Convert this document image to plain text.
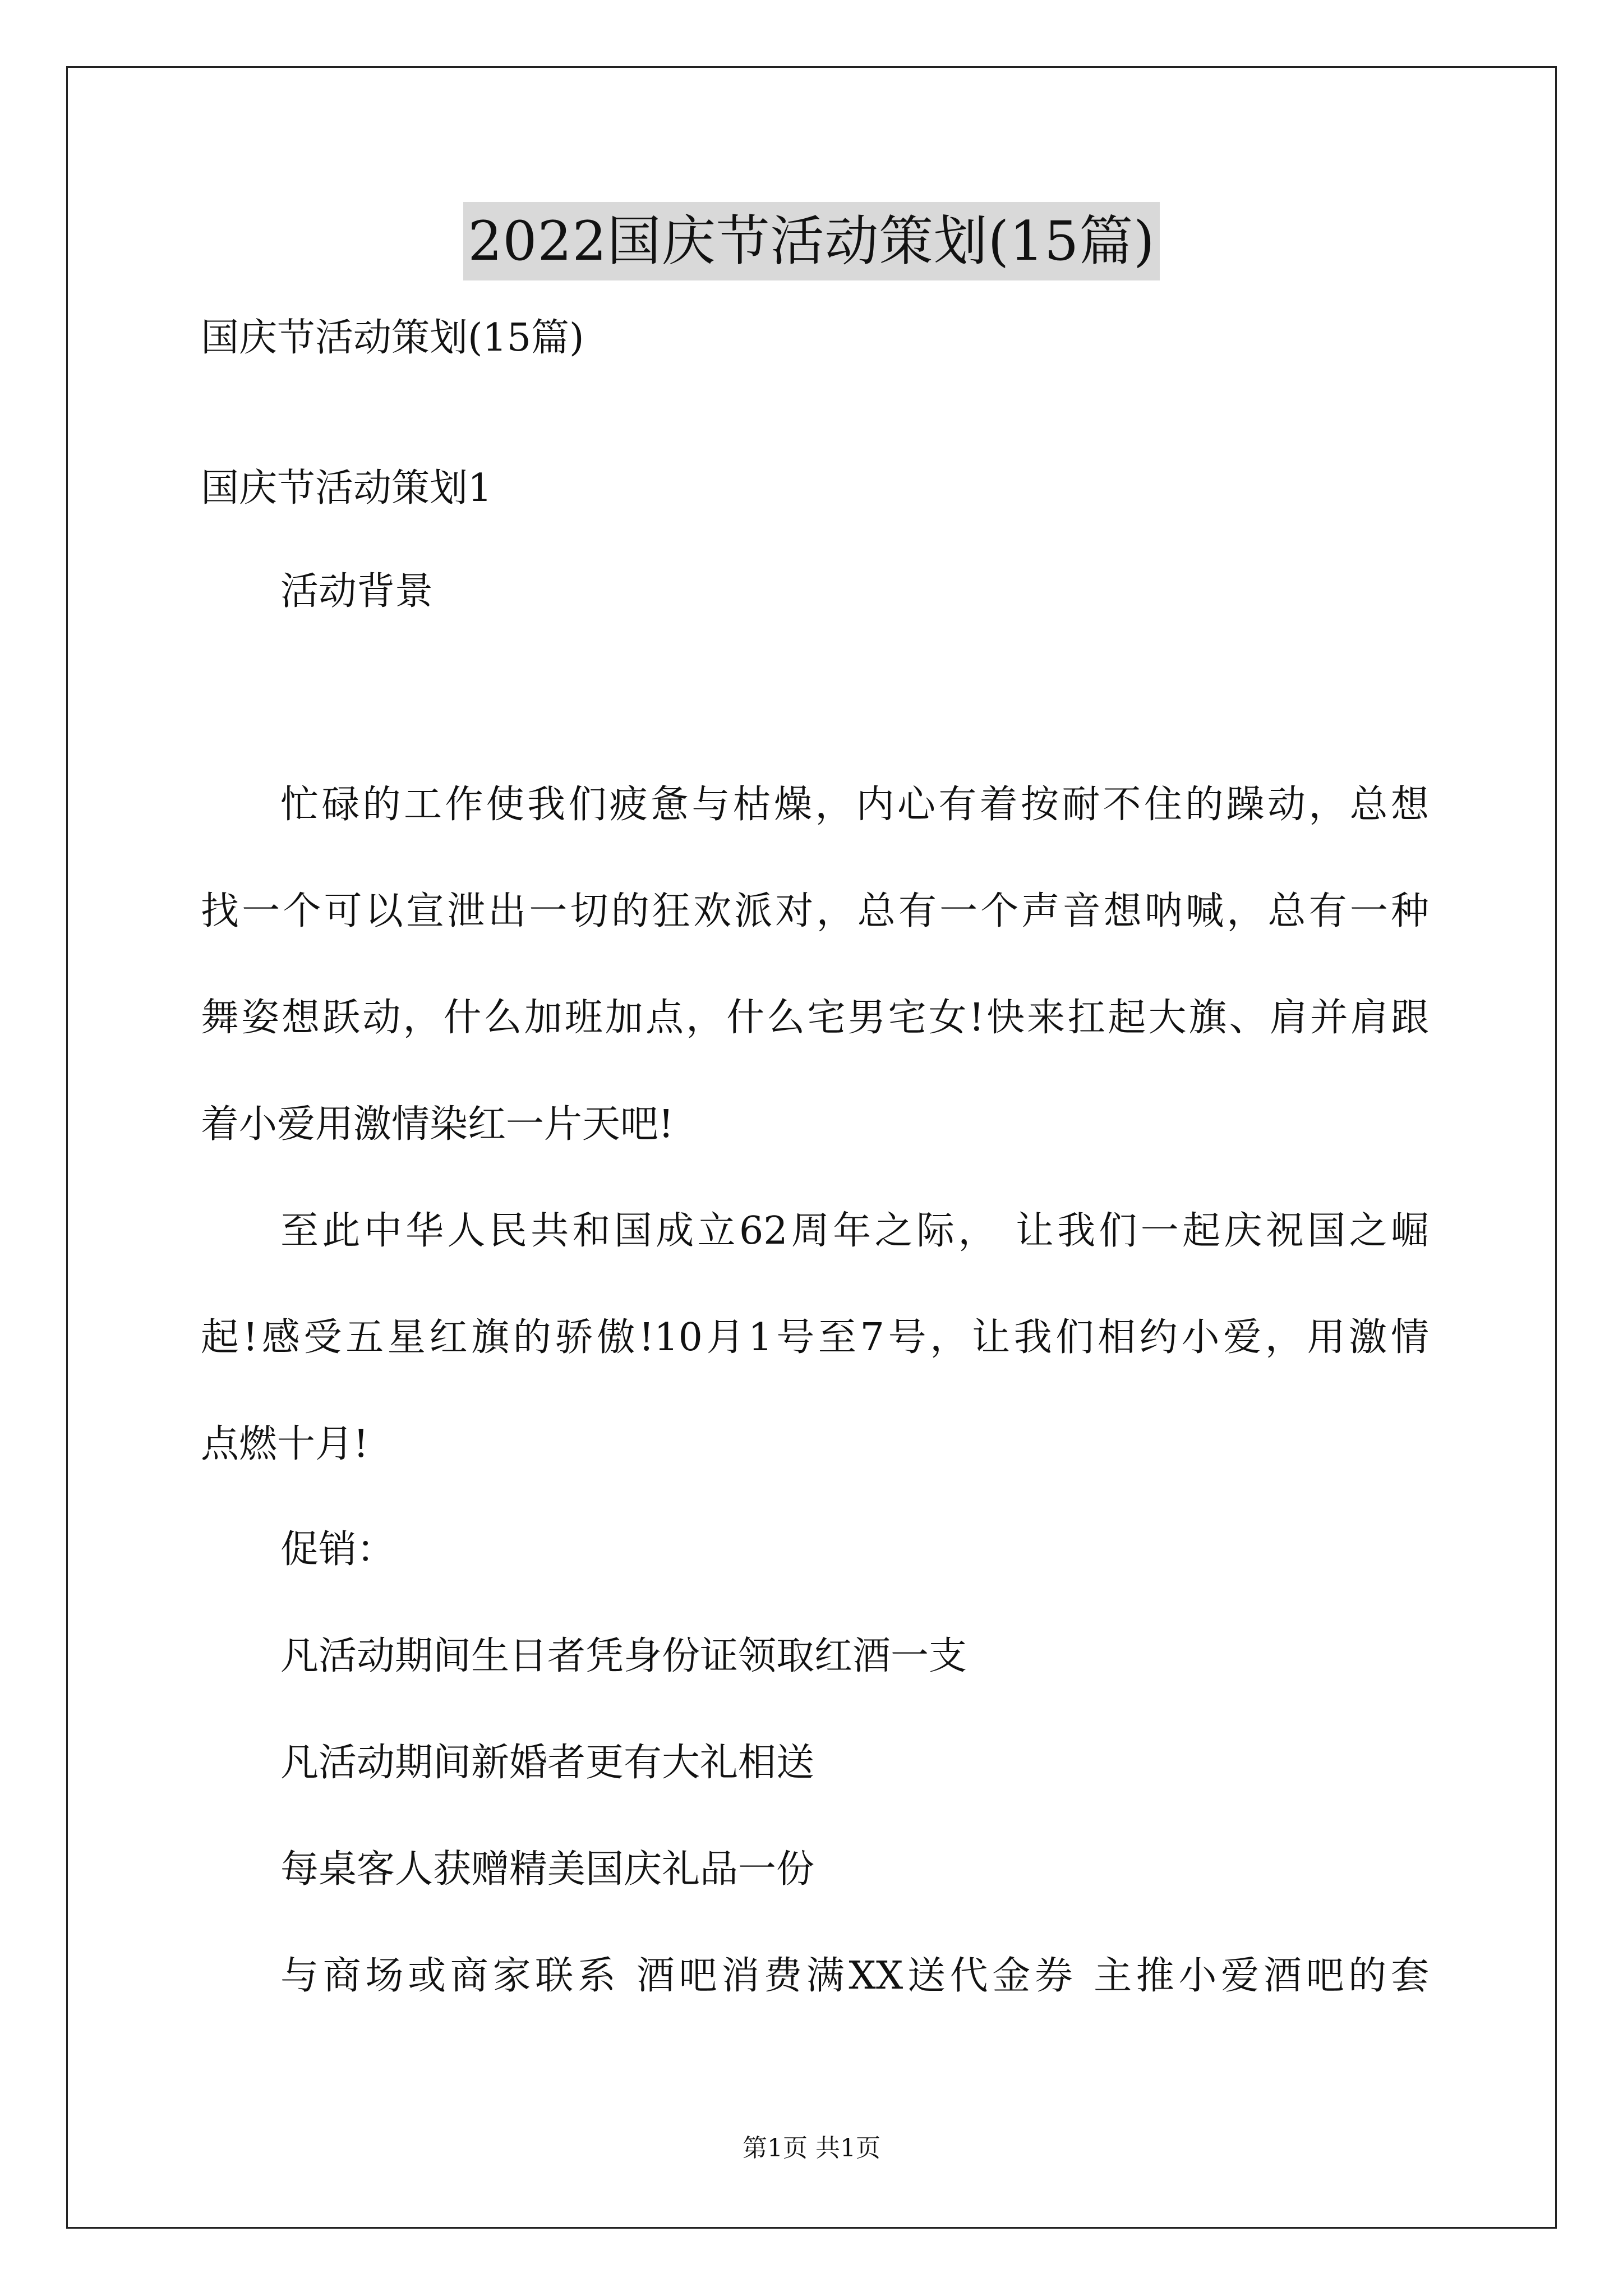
2022国庆节活动策划(15篇)
国庆节活动策划(15篇)
国庆节活动策划1
活动背景
忙碌的工作使我们疲惫与枯燥，内心有着按耐不住的躁动，总想
找一个可以宣泄出一切的狂欢派对，总有一个声音想呐喊，总有一种
舞姿想跃动，什么加班加点，什么宅男宅女!快来扛起大旗、肩并肩跟
着小爱用激情染红一片天吧!
至此中华人民共和国成立62周年之际， 让我们一起庆祝国之崛
起!感受五星红旗的骄傲!10月1号至7号，让我们相约小爱，用激情
点燃十月!
促销：
凡活动期间生日者凭身份证领取红酒一支
凡活动期间新婚者更有大礼相送
每桌客人获赠精美国庆礼品一份
与商场或商家联系 酒吧消费满XX送代金券 主推小爱酒吧的套
第1页 共1页
